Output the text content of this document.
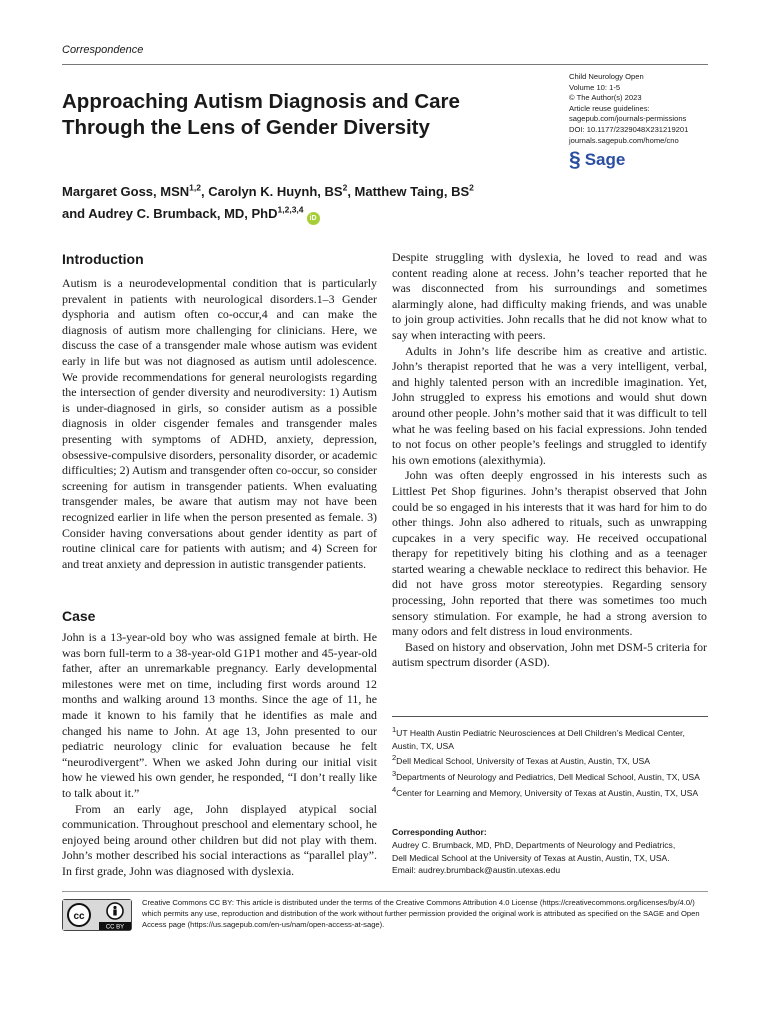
Correspondence
Approaching Autism Diagnosis and Care Through the Lens of Gender Diversity
Child Neurology Open
Volume 10: 1-5
© The Author(s) 2023
Article reuse guidelines:
sagepub.com/journals-permissions
DOI: 10.1177/2329048X231219201
journals.sagepub.com/home/cno
§ Sage
Margaret Goss, MSN$^{1,2}$, Carolyn K. Huynh, $BS^2$, Matthew Taing, $BS^2$
and Audrey C. Brumback, MD, PhD$^{1,2,3,4}$iD
Introduction

Autism is a neurodevelopmental condition that is particularly prevalent in patients with neurological disorders.1–3 Gender dysphoria and autism often co-occur,4 and can make the diagnosis of autism more challenging for clinicians. Here, we discuss the case of a transgender male whose autism was evident early in life but was not diagnosed as autism until adolescence. We provide recommendations for general neurologists regarding the intersection of gender diversity and neurodiversity: 1) Autism is under-diagnosed in girls, so consider autism as a possible diagnosis in older cisgender females and transgender males presenting with symptoms of ADHD, anxiety, depression, obsessive-compulsive disorders, personality disorder, or academic difficulties; 2) Autism and transgender often co-occur, so consider screening for autism in transgender patients. When evaluating transgender males, be aware that autism may not have been recognized earlier in life when the person presented as female. 3) Consider having conversations about gender identity as part of routine clinical care for patients with autism; and 4) Screen for and treat anxiety and depression in autistic transgender patients.

Case

John is a 13-year-old boy who was assigned female at birth. He was born full-term to a 38-year-old G1P1 mother and 45-year-old father, after an unremarkable pregnancy. Early developmental milestones were met on time, including first words around 12 months and walking around 13 months. Since the age of 11, he made it known to his family that he identifies as male and changed his name to John. At age 13, John presented to our pediatric neurology clinic for evaluation because he felt “neurodivergent”. When we asked John during our initial visit how he viewed his own gender, he responded, “I don’t really like to talk about it.”

From an early age, John displayed atypical social communication. Throughout preschool and elementary school, he enjoyed being around other children but did not play with them. John’s mother described his social interactions as “parallel play”. In first grade, John was diagnosed with dyslexia.

Despite struggling with dyslexia, he loved to read and was content reading alone at recess. John’s teacher reported that he was disconnected from his surroundings and sometimes alarmingly alone, had difficulty making friends, and was unable to join group activities. John recalls that he did not know what to say when interacting with peers.

Adults in John’s life describe him as creative and artistic. John’s therapist reported that he was a very intelligent, verbal, and highly talented person with an incredible imagination. Yet, John struggled to express his emotions and would shut down around other people. John’s mother said that it was difficult to tell what he was feeling based on his facial expressions. John tended to not focus on other people’s feelings and struggled to identify his own emotions (alexithymia).

John was often deeply engrossed in his interests such as Littlest Pet Shop figurines. John’s therapist observed that John could be so engaged in his interests that it was hard for him to do other things. John also adhered to rituals, such as unwrapping cupcakes in a very specific way. He received occupational therapy for repetitively biting his clothing and as a teenager started wearing a chewable necklace to redirect this behavior. He did not have gross motor stereotypies. Regarding sensory processing, John reported that there was sometimes too much sensory stimulation. For example, he had a strong aversion to many odors and felt distress in loud environments.

Based on history and observation, John met DSM-5 criteria for autism spectrum disorder (ASD).

$^1$UT Health Austin Pediatric Neurosciences at Dell Children’s Medical Center, Austin, TX, USA
$^2$Dell Medical School, University of Texas at Austin, Austin, TX, USA
$^3$Departments of Neurology and Pediatrics, Dell Medical School, Austin, TX, USA
$^4$Center for Learning and Memory, University of Texas at Austin, Austin, TX, USA
Corresponding Author:
Audrey C. Brumback, MD, PhD, Departments of Neurology and Pediatrics,
Dell Medical School at the University of Texas at Austin, Austin, TX, USA.
Email: audrey.brumback@austin.utexas.edu
cc
CC BY
Creative Commons CC BY: This article is distributed under the terms of the Creative Commons Attribution 4.0 License (https://creativecommons.org/licenses/by/4.0/) which permits any use, reproduction and distribution of the work without further permission provided the original work is attributed as specified on the SAGE and Open Access page (https://us.sagepub.com/en-us/nam/open-access-at-sage).
